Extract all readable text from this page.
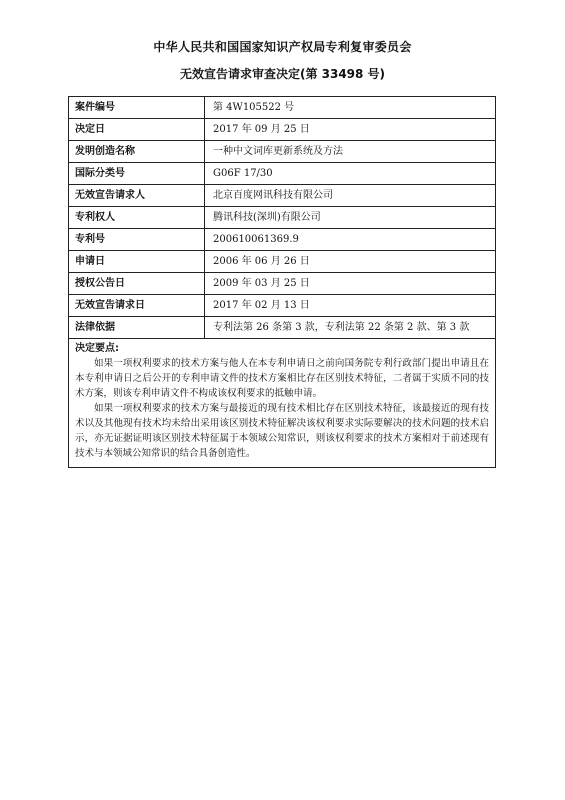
中华人民共和国国家知识产权局专利复审委员会
无效宣告请求审查决定(第 33498 号)
案件编号	第 4W105522 号
决定日	2017 年 09 月 25 日
发明创造名称	一种中文词库更新系统及方法
国际分类号	G06F 17/30
无效宣告请求人	北京百度网讯科技有限公司
专利权人	腾讯科技(深圳)有限公司
专利号	200610061369.9
申请日	2006 年 06 月 26 日
授权公告日	2009 年 03 月 25 日
无效宣告请求日	2017 年 02 月 13 日
法律依据	专利法第 26 条第 3 款，专利法第 22 条第 2 款、第 3 款
决定要点:

如果一项权利要求的技术方案与他人在本专利申请日之前向国务院专利行政部门提出申请且在本专利申请日之后公开的专利申请文件的技术方案相比存在区别技术特征，二者属于实质不同的技术方案，则该专利申请文件不构成该权利要求的抵触申请。

如果一项权利要求的技术方案与最接近的现有技术相比存在区别技术特征，该最接近的现有技术以及其他现有技术均未给出采用该区别技术特征解决该权利要求实际要解决的技术问题的技术启示，亦无证据证明该区别技术特征属于本领域公知常识，则该权利要求的技术方案相对于前述现有技术与本领域公知常识的结合具备创造性。
